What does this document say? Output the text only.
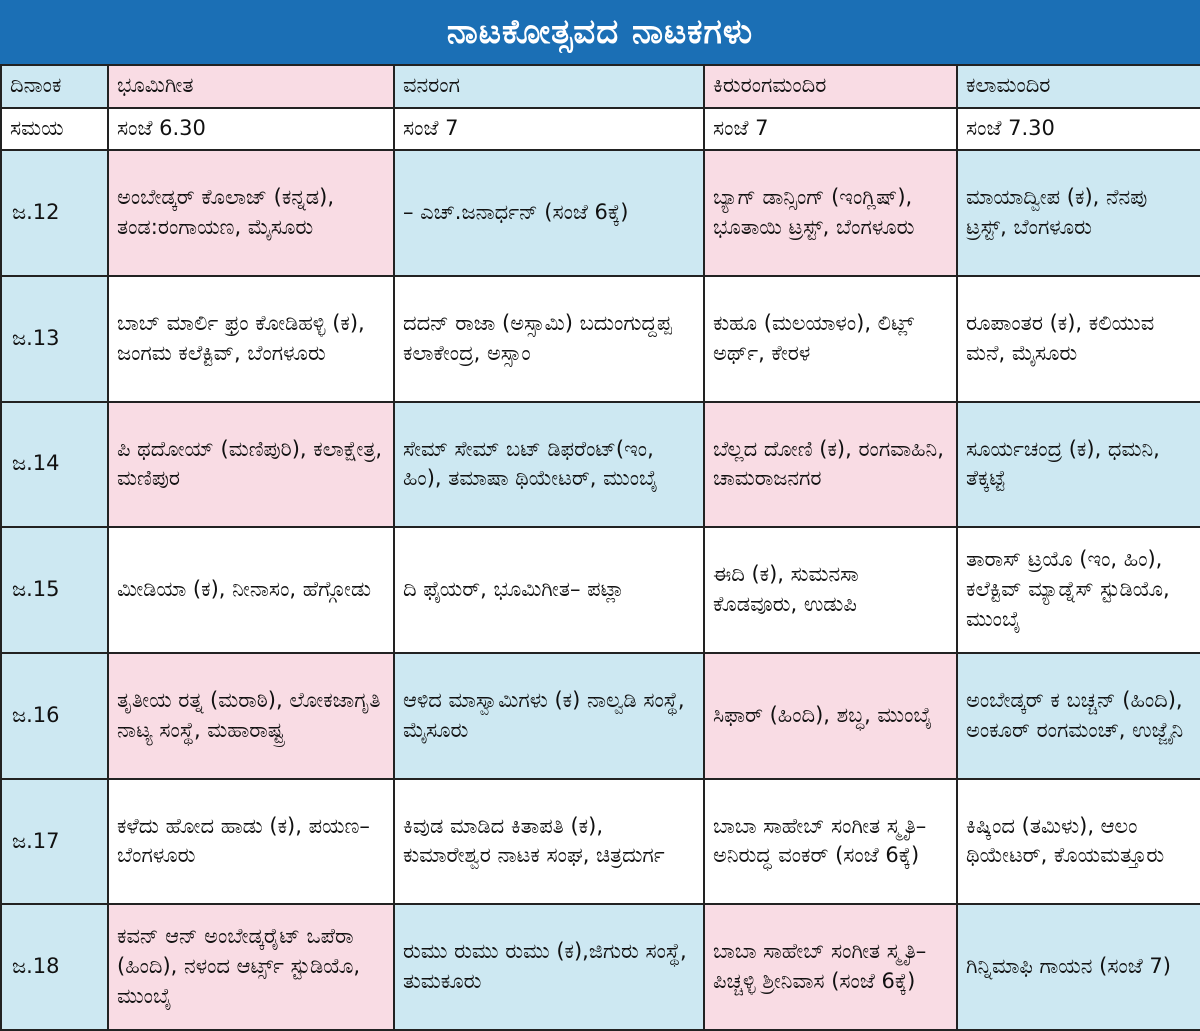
ನಾಟಕೋತ್ಸವದ ನಾಟಕಗಳು
ದಿನಾಂಕ	ಭೂಮಿಗೀತ	ವನರಂಗ	ಕಿರುರಂಗಮಂದಿರ	ಕಲಾಮಂದಿರ
ಸಮಯ	ಸಂಜೆ 6.30	ಸಂಜೆ 7	ಸಂಜೆ 7	ಸಂಜೆ 7.30
ಜ.12	ಅಂಬೇಡ್ಕರ್ ಕೊಲಾಜ್ (ಕನ್ನಡ), ತಂಡ:ರಂಗಾಯಣ, ಮೈಸೂರು	– ಎಚ್.ಜನಾರ್ಧನ್ (ಸಂಜೆ 6ಕ್ಕೆ)	ಬ್ಯಾಗ್ ಡಾನ್ಸಿಂಗ್ (ಇಂಗ್ಲಿಷ್), ಭೂತಾಯಿ ಟ್ರಸ್ಟ್, ಬೆಂಗಳೂರು	ಮಾಯಾದ್ವೀಪ (ಕ), ನೆನಪು ಟ್ರಸ್ಟ್, ಬೆಂಗಳೂರು
ಜ.13	ಬಾಬ್ ಮಾರ್ಲಿ ಫ್ರಂ ಕೋಡಿಹಳ್ಳಿ (ಕ), ಜಂಗಮ ಕಲೆಕ್ಟಿವ್, ಬೆಂಗಳೂರು	ದದನ್ ರಾಜಾ (ಅಸ್ಸಾಮಿ) ಬದುಂಗುದ್ದಪ್ಪ ಕಲಾಕೇಂದ್ರ, ಅಸ್ಸಾಂ	ಕುಹೂ (ಮಲಯಾಳಂ), ಲಿಟ್ಲ್ ಅರ್ಥ್, ಕೇರಳ	ರೂಪಾಂತರ (ಕ), ಕಲಿಯುವ ಮನೆ, ಮೈಸೂರು
ಜ.14	ಪಿ ಥದೋಯ್ (ಮಣಿಪುರಿ), ಕಲಾಕ್ಷೇತ್ರ, ಮಣಿಪುರ	ಸೇಮ್ ಸೇಮ್ ಬಟ್ ಡಿಫರೆಂಟ್(ಇಂ, ಹಿಂ), ತಮಾಷಾ ಥಿಯೇಟರ್, ಮುಂಬೈ	ಬೆಲ್ಲದ ದೋಣಿ (ಕ), ರಂಗವಾಹಿನಿ, ಚಾಮರಾಜನಗರ	ಸೂರ್ಯಚಂದ್ರ (ಕ), ಧಮನಿ, ತೆಕ್ಕಟ್ಟೆ
ಜ.15	ಮೀಡಿಯಾ (ಕ), ನೀನಾಸಂ, ಹೆಗ್ಗೋಡು	ದಿ ಫೈಯರ್, ಭೂಮಿಗೀತ– ಪಟ್ಲಾ	ಈದಿ (ಕ), ಸುಮನಸಾ ಕೊಡವೂರು, ಉಡುಪಿ	ತಾರಾಸ್ ಟ್ರಯೊ (ಇಂ, ಹಿಂ), ಕಲೆಕ್ಟಿವ್ ಮ್ಯಾಡ್ನೆಸ್ ಸ್ಟುಡಿಯೊ, ಮುಂಬೈ
ಜ.16	ತೃತೀಯ ರತ್ನ (ಮರಾಠಿ), ಲೋಕಜಾಗೃತಿ ನಾಟ್ಯ ಸಂಸ್ಥೆ, ಮಹಾರಾಷ್ಟ್ರ	ಆಳಿದ ಮಾಸ್ವಾಮಿಗಳು (ಕ) ನಾಲ್ವಡಿ ಸಂಸ್ಥೆ, ಮೈಸೂರು	ಸಿಫಾರ್ (ಹಿಂದಿ), ಶಬ್ಧ, ಮುಂಬೈ	ಅಂಬೇಡ್ಕರ್ ಕ ಬಚ್ಚನ್ (ಹಿಂದಿ), ಅಂಕೂರ್ ರಂಗಮಂಚ್, ಉಜ್ಜೈನಿ
ಜ.17	ಕಳೆದು ಹೋದ ಹಾಡು (ಕ), ಪಯಣ– ಬೆಂಗಳೂರು	ಕಿವುಡ ಮಾಡಿದ ಕಿತಾಪತಿ (ಕ), ಕುಮಾರೇಶ್ವರ ನಾಟಕ ಸಂಘ, ಚಿತ್ರದುರ್ಗ	ಬಾಬಾ ಸಾಹೇಬ್ ಸಂಗೀತ ಸ್ಮೃತಿ– ಅನಿರುದ್ಧ ವಂಕರ್ (ಸಂಜೆ 6ಕ್ಕೆ)	ಕಿಷ್ಕಿಂದ (ತಮಿಳು), ಆಲಂ ಥಿಯೇಟರ್, ಕೊಯಮತ್ತೂರು
ಜ.18	ಕವನ್ ಆನ್ ಅಂಬೇಡ್ಕರೈಟ್ ಒಪೆರಾ (ಹಿಂದಿ), ನಳಂದ ಆರ್ಟ್ಸ್ ಸ್ಟುಡಿಯೊ, ಮುಂಬೈ	ರುಮು ರುಮು ರುಮು (ಕ),ಜಿಗುರು ಸಂಸ್ಥೆ, ತುಮಕೂರು	ಬಾಬಾ ಸಾಹೇಬ್ ಸಂಗೀತ ಸ್ಮೃತಿ– ಪಿಚ್ಚಳ್ಳಿ ಶ್ರೀನಿವಾಸ (ಸಂಜೆ 6ಕ್ಕೆ)	ಗಿನ್ನಿಮಾಫಿ ಗಾಯನ (ಸಂಜೆ 7)
